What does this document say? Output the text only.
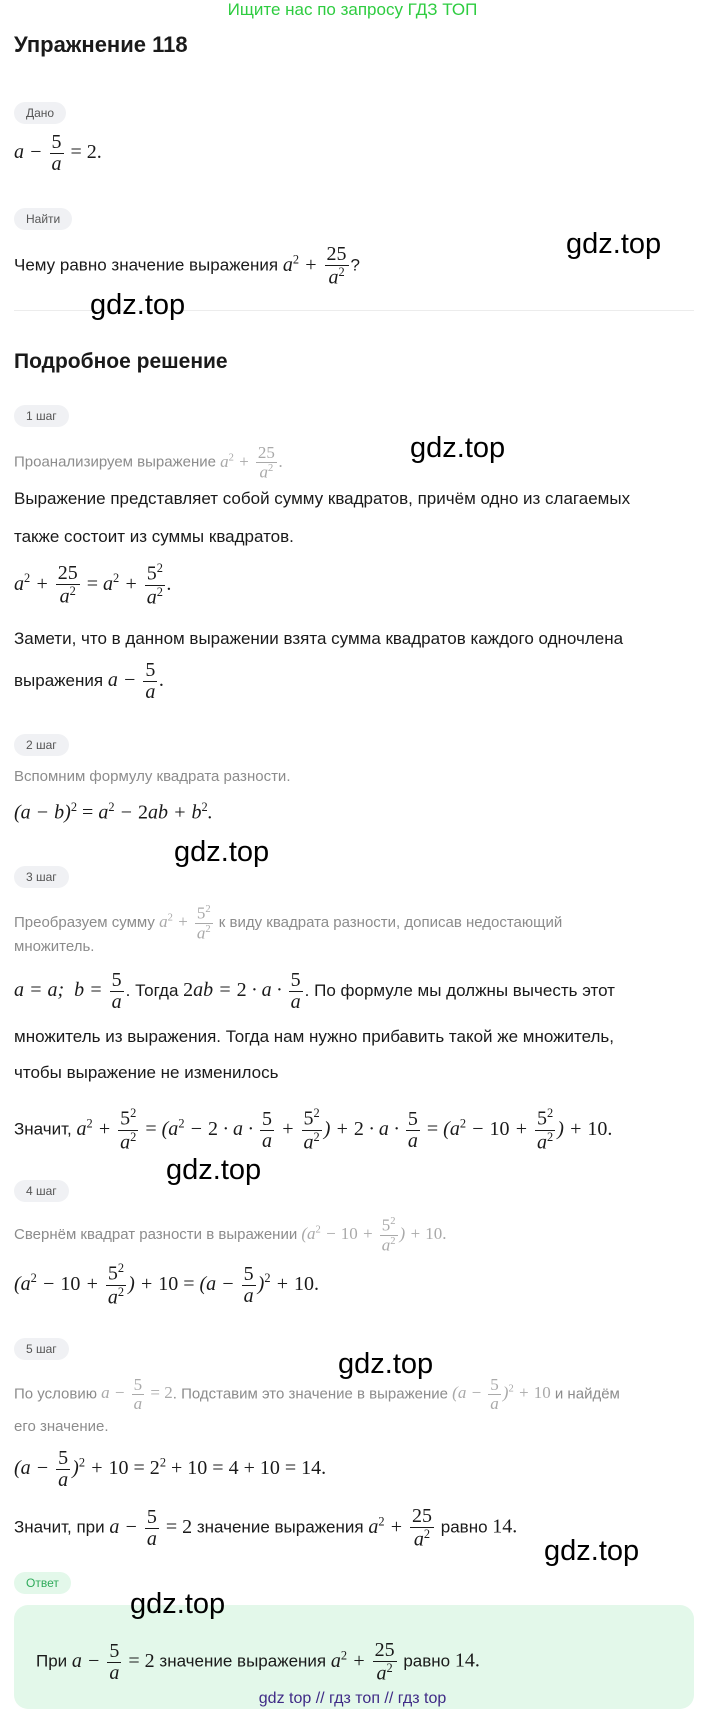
Ищите нас по запросу ГДЗ ТОП
Упражнение 118
Дано
$a - \frac{5}{a} = 2$.
Найти
Чему равно значение выражения $a^2 + \frac{25}{a^2}$ ?
Подробное решение
1 шаг
Проанализируем выражение $a^2 + \frac{25}{a^2}$ .
Выражение представляет собой сумму квадратов, причём одно из слагаемых
также состоит из суммы квадратов.
$a^2 + \frac{25}{a^2} = a^2 + \frac{5^2}{a^2}$ .
Замети, что в данном выражении взята сумма квадратов каждого одночлена
выражения $a - \frac{5}{a}$ .
2 шаг
Вспомним формулу квадрата разности.
$(a - b)^2 = a^2 - 2ab + b^2$.
3 шаг
Преобразуем сумму $a^2 + \frac{5^2}{a^2}$ к виду квадрата разности, дописав недостающий
множитель.
a = a;  $b = \frac{5}{a}$ . Тогда $2ab = 2 \cdot a \cdot \frac{5}{a}$ . По формуле мы должны вычесть этот
множитель из выражения. Тогда нам нужно прибавить такой же множитель,
чтобы выражение не изменилось
Значит, $a^2 + \frac{5^2}{a^2} = (a^2 - 2 \cdot a \cdot \frac{5}{a} + \frac{5^2}{a^2}$ ) + $2 \cdot a \cdot \frac{5}{a} = (a^2 - 10 + \frac{5^2}{a^2}$ ) + 10.
4 шаг
Свернём квадрат разности в выражении ($a^2 - 10 + \frac{5^2}{a^2}$ ) + 10.
($a^2 - 10 + \frac{5^2}{a^2}$ ) + $10 = (a - \frac{5}{a} )^2 + 10$.
5 шаг
По условию $a - \frac{5}{a} = 2$. Подставим это значение в выражение $(a - \frac{5}{a} )^2 + 10$ и найдём
его значение.
$(a - \frac{5}{a} )^2 + 10 = 2^2 + 10 = 4 + 10 = 14$.
Значит, при $a - \frac{5}{a} = 2$ значение выражения $a^2 + \frac{25}{a^2}$ равно 14.
Ответ
При $a - \frac{5}{a} = 2$ значение выражения $a^2 + \frac{25}{a^2}$ равно 14.
gdz.top
gdz.top
gdz.top
gdz.top
gdz.top
gdz.top
gdz.top
gdz.top
gdz top // гдз топ // гдз top
